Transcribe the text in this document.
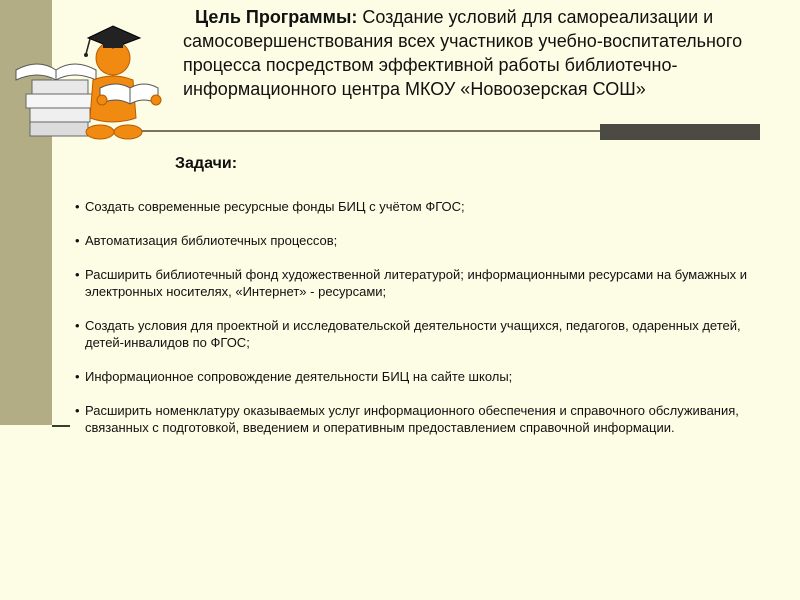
Цель Программы: Создание условий для самореализации и самосовершенствования всех участников учебно-воспитательного процесса посредством эффективной работы библиотечно-информационного центра МКОУ «Новоозерская СОШ»
Задачи:
• Создать современные ресурсные фонды БИЦ с учётом ФГОС;
• Автоматизация библиотечных процессов;
• Расширить библиотечный фонд художественной литературой; информационными ресурсами на бумажных и электронных носителях, «Интернет» - ресурсами;
• Создать условия для проектной и исследовательской деятельности учащихся, педагогов, одаренных детей, детей-инвалидов по ФГОС;
• Информационное сопровождение деятельности БИЦ на сайте школы;
• Расширить номенклатуру оказываемых услуг информационного обеспечения и справочного обслуживания, связанных с подготовкой, введением и оперативным предоставлением справочной информации.
